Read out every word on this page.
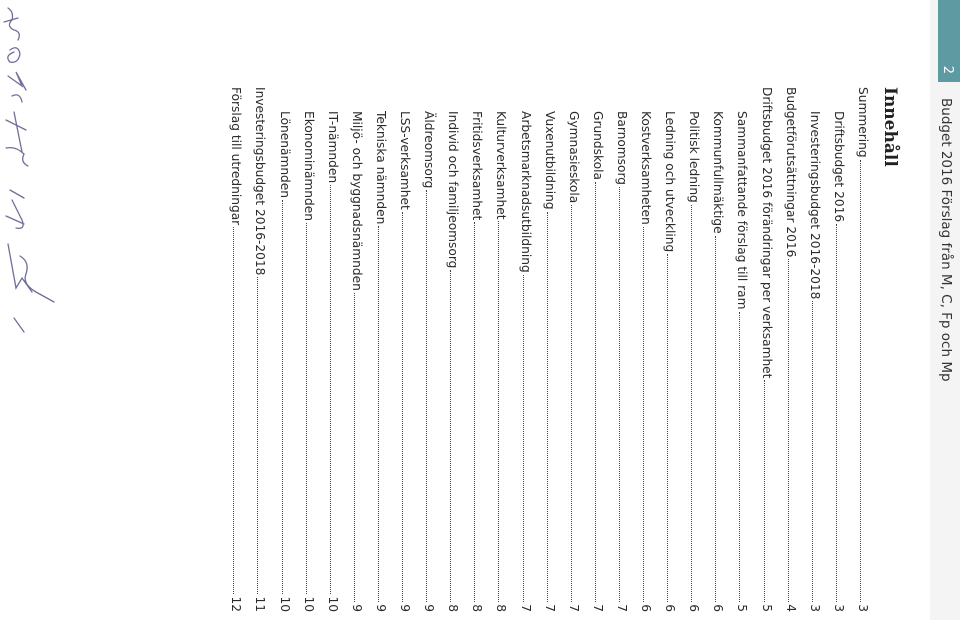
2
Budget 2016 Förslag från M, C, Fp och Mp
Innehåll
Summering
3
Driftsbudget 2016
3
Investeringsbudget 2016-2018
3
Budgetförutsättningar 2016
4
Driftsbudget 2016 förändringar per verksamhet
5
Sammanfattande förslag till ram
5
Kommunfullmäktige
6
Politisk ledning
6
Ledning och utveckling
6
Kostverksamheten
6
Barnomsorg
7
Grundskola
7
Gymnasieskola
7
Vuxenutbildning
7
Arbetsmarknadsutbildning
7
Kulturverksamhet
8
Fritidsverksamhet
8
Individ och familjeomsorg
8
Äldreomsorg
9
LSS-verksamhet
9
Tekniska nämnden
9
Miljö- och byggnadsnämnden
9
IT-nämnden
10
Ekonominämnden
10
Lönenämnden
10
Investeringsbudget 2016-2018
11
Förslag till utredningar
12
